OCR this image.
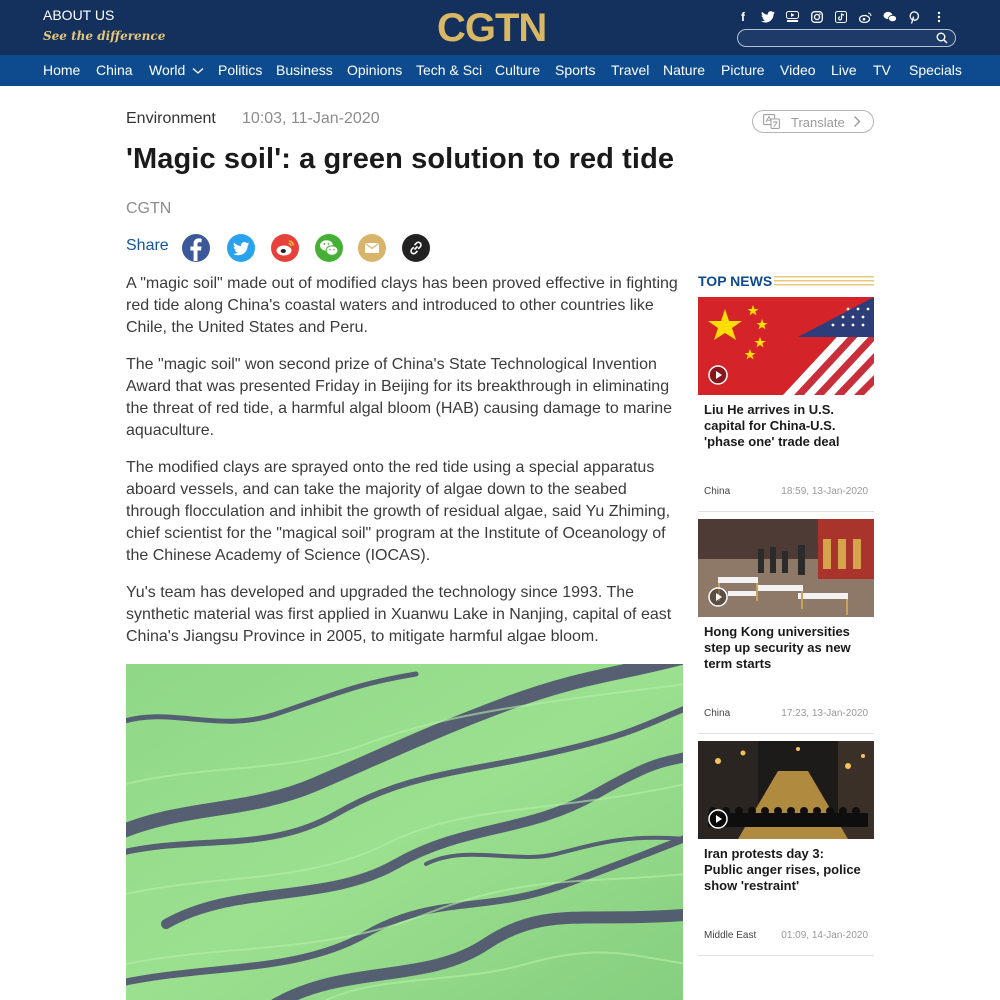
ABOUT US
See the difference	CGTN	f
Home China World	Politics Business Opinions Tech & Sci Culture Sports Travel Nature Picture Video Live TV Specials
Environment 10:03, 11-Jan-2020	Translate
'Magic soil': a green solution to red tide
CGTN
Share

A "magic soil" made out of modified clays has been proved effective in fighting red tide along China's coastal waters and introduced to other countries like Chile, the United States and Peru.

The "magic soil" won second prize of China's State Technological Invention Award that was presented Friday in Beijing for its breakthrough in eliminating the threat of red tide, a harmful algal bloom (HAB) causing damage to marine aquaculture.

The modified clays are sprayed onto the red tide using a special apparatus aboard vessels, and can take the majority of algae down to the seabed through flocculation and inhibit the growth of residual algae, said Yu Zhiming, chief scientist for the "magical soil" program at the Institute of Oceanology of the Chinese Academy of Science (IOCAS).

Yu's team has developed and upgraded the technology since 1993. The synthetic material was first applied in Xuanwu Lake in Nanjing, capital of east China's Jiangsu Province in 2005, to mitigate harmful algae bloom.

TOP NEWS
Liu He arrives in U.S. capital for China-U.S. 'phase one' trade deal
China	18:59, 13-Jan-2020
Hong Kong universities step up security as new term starts
China	17:23, 13-Jan-2020
Iran protests day 3: Public anger rises, police show 'restraint'
Middle East	01:09, 14-Jan-2020
